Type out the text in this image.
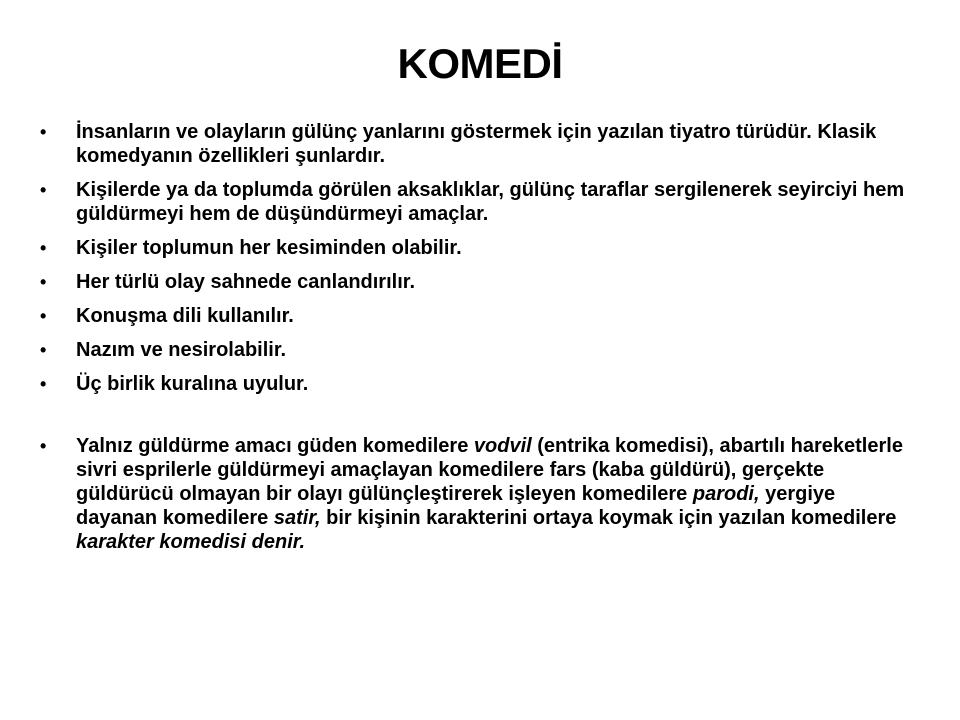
KOMEDİ
• İnsanların ve olayların gülünç yanlarını göstermek için yazılan tiyatro türüdür. Klasik komedyanın özellikleri şunlardır.
• Kişilerde ya da toplumda görülen aksaklıklar, gülünç taraflar sergilenerek seyirciyi hem güldürmeyi hem de düşündürmeyi amaçlar.
• Kişiler toplumun her kesiminden olabilir.
• Her türlü olay sahnede canlandırılır.
• Konuşma dili kullanılır.
• Nazım ve nesirolabilir.
• Üç birlik kuralına uyulur.
• Yalnız güldürme amacı güden komedilere vodvil (entrika komedisi), abartılı hareketlerle sivri esprilerle güldürmeyi amaçlayan komedilere fars (kaba güldürü), gerçekte güldürücü olmayan bir olayı gülünçleştirerek işleyen komedilere parodi, yergiye dayanan komedilere satir, bir kişinin karakterini ortaya koymak için yazılan komedilere karakter komedisi denir.
